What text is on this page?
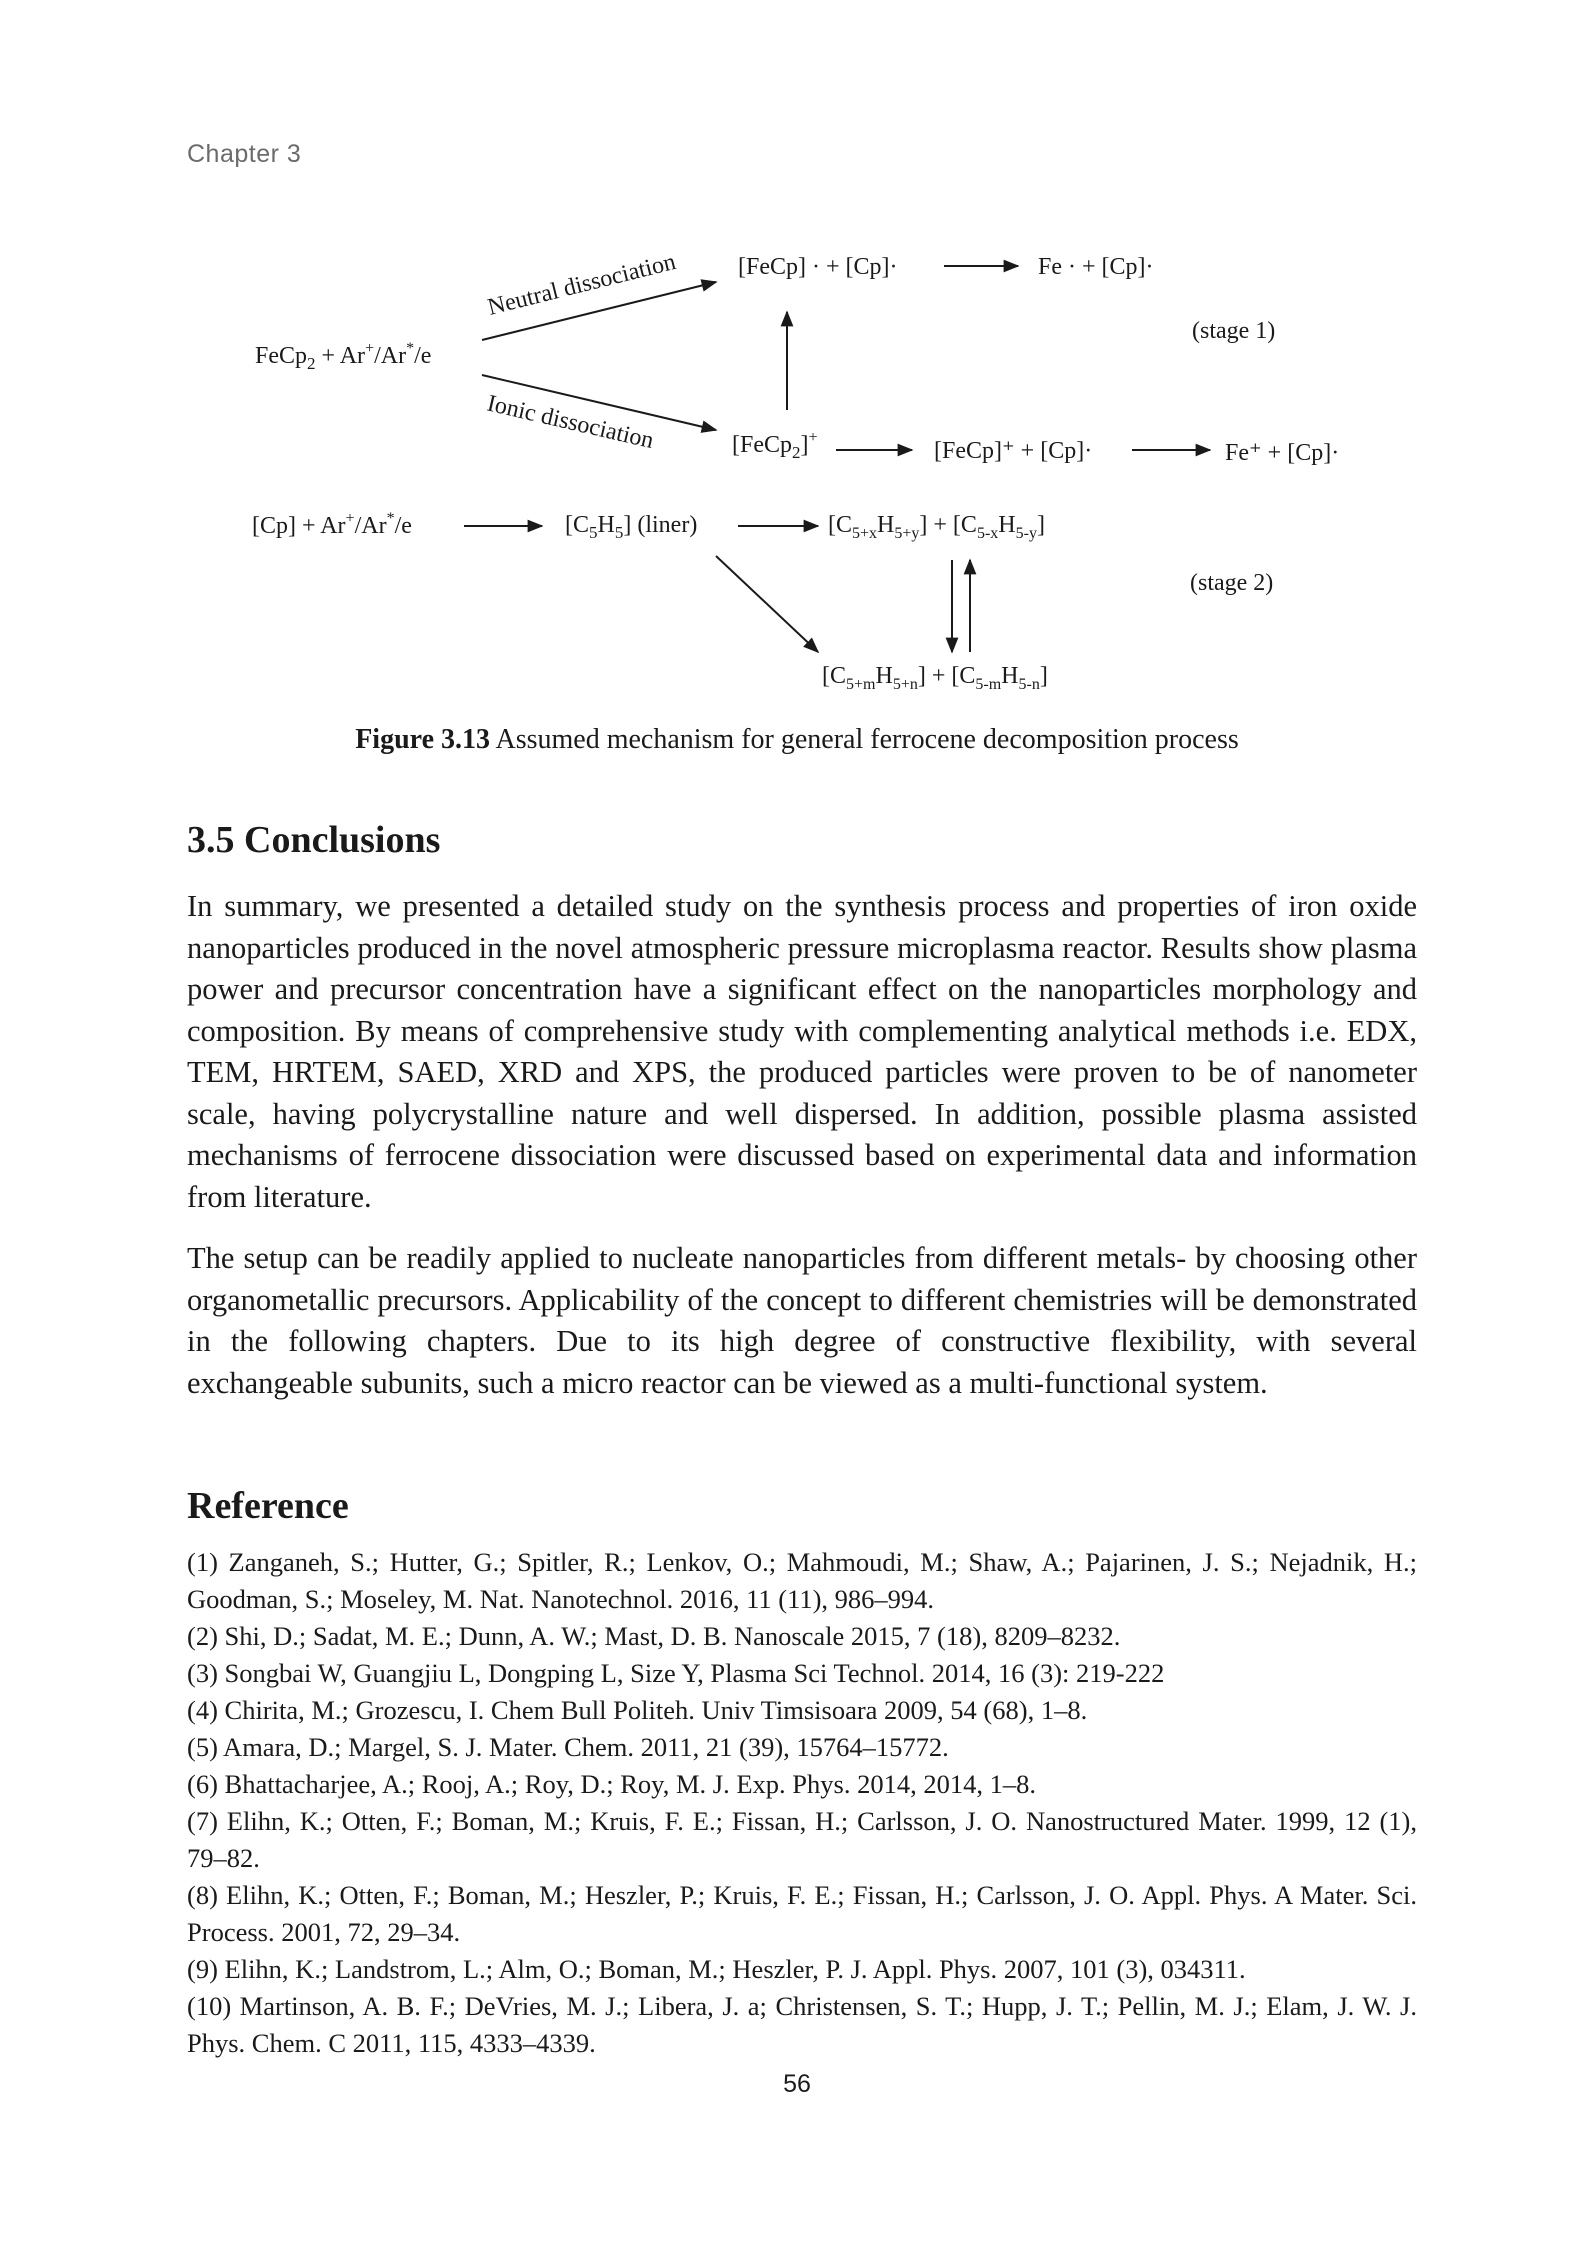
Chapter 3
FeCp$_2$ + Ar+/Ar*/e
Neutral dissociation
Ionic dissociation
[FeCp] · + [Cp]·	Fe · + [Cp]·
(stage 1)
[FeCp$_2$]+
[FeCp]⁺ + [Cp]·	Fe⁺ + [Cp]·
[Cp] + Ar+/Ar*/e	$[C_5H_5]$ (liner)	$[C_{5+x}H_{5+y}] + [C_{5-x}H_{5-y}]$
(stage 2)
$[C_{5+m}H_{5+n}] + [C_{5-m}H_{5-n}]$
Figure 3.13 Assumed mechanism for general ferrocene decomposition process
3.5 Conclusions

In summary, we presented a detailed study on the synthesis process and properties of iron oxide nanoparticles produced in the novel atmospheric pressure microplasma reactor. Results show plasma power and precursor concentration have a significant effect on the nanoparticles morphology and composition. By means of comprehensive study with complementing analytical methods i.e. EDX, TEM, HRTEM, SAED, XRD and XPS, the produced particles were proven to be of nanometer scale, having polycrystalline nature and well dispersed. In addition, possible plasma assisted mechanisms of ferrocene dissociation were discussed based on experimental data and information from literature.

The setup can be readily applied to nucleate nanoparticles from different metals- by choosing other organometallic precursors. Applicability of the concept to different chemistries will be demonstrated in the following chapters. Due to its high degree of constructive flexibility, with several exchangeable subunits, such a micro reactor can be viewed as a multi-functional system.

Reference
(1) Zanganeh, S.; Hutter, G.; Spitler, R.; Lenkov, O.; Mahmoudi, M.; Shaw, A.; Pajarinen, J. S.; Nejadnik, H.; Goodman, S.; Moseley, M. Nat. Nanotechnol. 2016, 11 (11), 986–994.
(2) Shi, D.; Sadat, M. E.; Dunn, A. W.; Mast, D. B. Nanoscale 2015, 7 (18), 8209–8232.
(3) Songbai W, Guangjiu L, Dongping L, Size Y, Plasma Sci Technol. 2014, 16 (3): 219-222
(4) Chirita, M.; Grozescu, I. Chem Bull Politeh. Univ Timsisoara 2009, 54 (68), 1–8.
(5) Amara, D.; Margel, S. J. Mater. Chem. 2011, 21 (39), 15764–15772.
(6) Bhattacharjee, A.; Rooj, A.; Roy, D.; Roy, M. J. Exp. Phys. 2014, 2014, 1–8.
(7) Elihn, K.; Otten, F.; Boman, M.; Kruis, F. E.; Fissan, H.; Carlsson, J. O. Nanostructured Mater. 1999, 12 (1), 79–82.
(8) Elihn, K.; Otten, F.; Boman, M.; Heszler, P.; Kruis, F. E.; Fissan, H.; Carlsson, J. O. Appl. Phys. A Mater. Sci. Process. 2001, 72, 29–34.
(9) Elihn, K.; Landstrom, L.; Alm, O.; Boman, M.; Heszler, P. J. Appl. Phys. 2007, 101 (3), 034311.
(10) Martinson, A. B. F.; DeVries, M. J.; Libera, J. a; Christensen, S. T.; Hupp, J. T.; Pellin, M. J.; Elam, J. W. J. Phys. Chem. C 2011, 115, 4333–4339.
56
